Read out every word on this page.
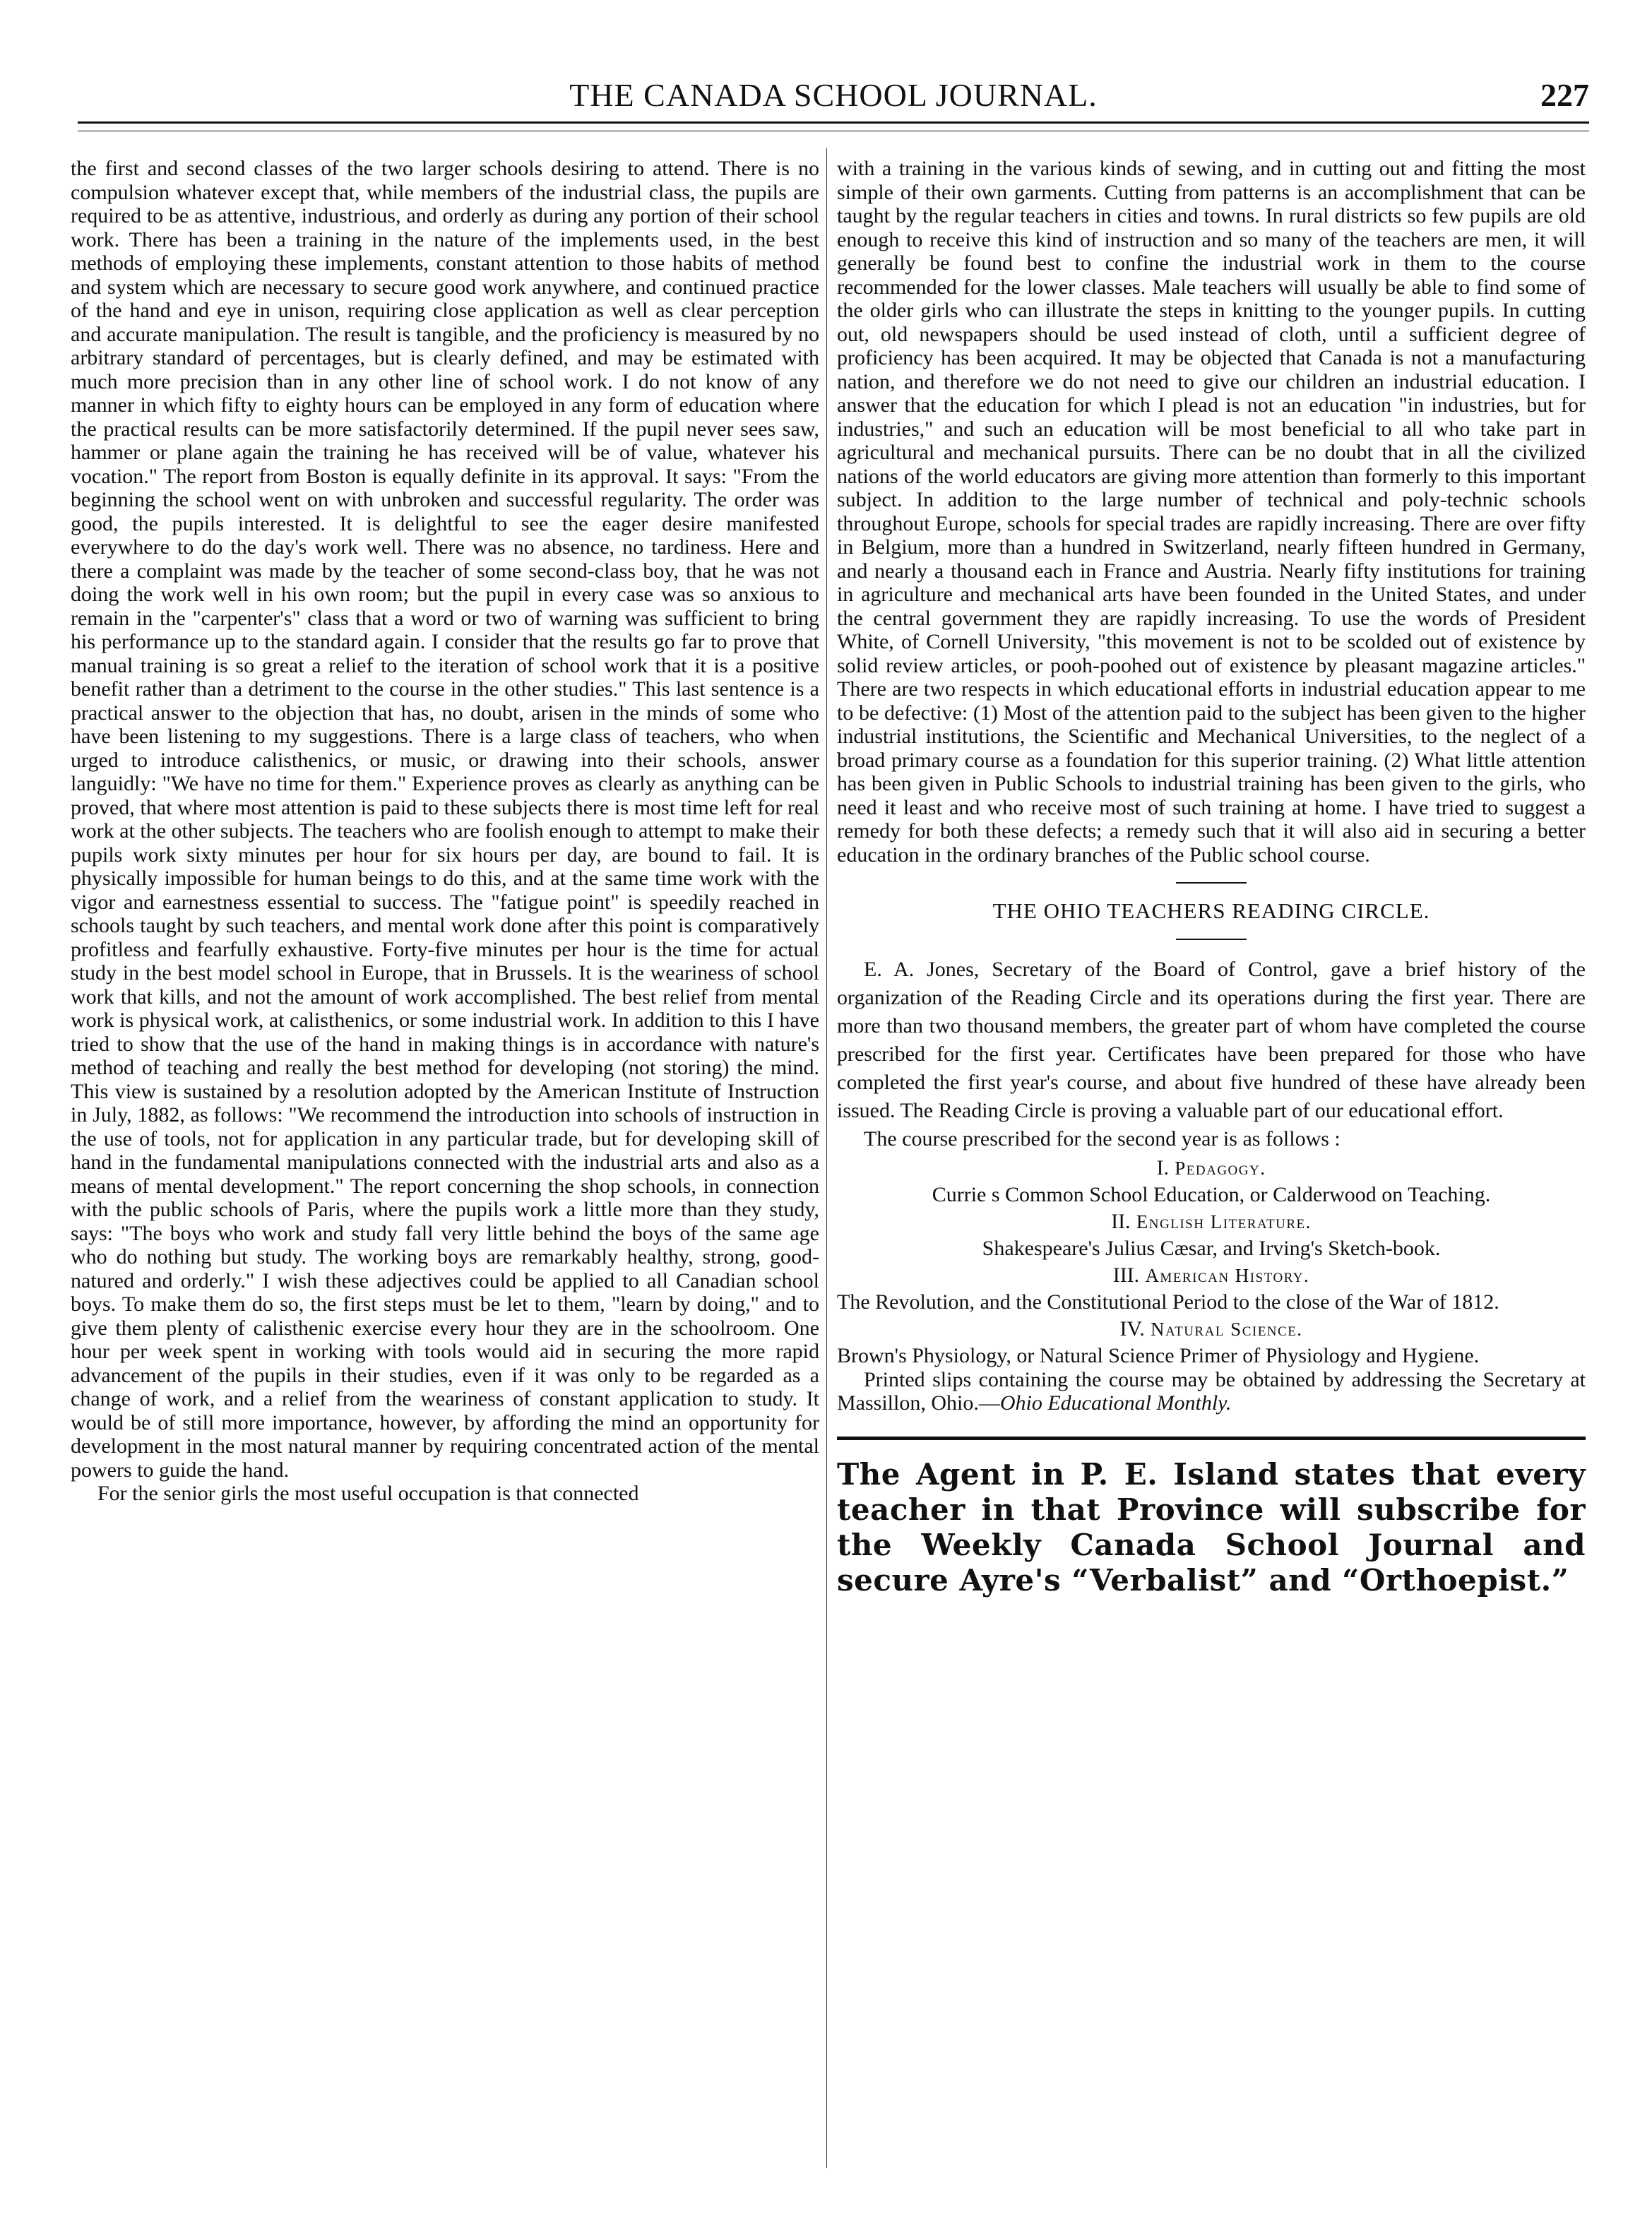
THE CANADA SCHOOL JOURNAL.	227

the first and second classes of the two larger schools desiring to attend. There is no compulsion whatever except that, while members of the industrial class, the pupils are required to be as attentive, industrious, and orderly as during any portion of their school work. There has been a training in the nature of the implements used, in the best methods of employing these implements, constant attention to those habits of method and system which are necessary to secure good work anywhere, and continued practice of the hand and eye in unison, requiring close application as well as clear perception and accurate manipulation. The result is tangible, and the proficiency is measured by no arbitrary standard of percentages, but is clearly defined, and may be estimated with much more precision than in any other line of school work. I do not know of any manner in which fifty to eighty hours can be employed in any form of education where the practical results can be more satisfactorily determined. If the pupil never sees saw, hammer or plane again the training he has received will be of value, whatever his vocation." The report from Boston is equally definite in its approval. It says: "From the beginning the school went on with unbroken and successful regularity. The order was good, the pupils interested. It is delightful to see the eager desire manifested everywhere to do the day's work well. There was no absence, no tardiness. Here and there a complaint was made by the teacher of some second-class boy, that he was not doing the work well in his own room; but the pupil in every case was so anxious to remain in the "carpenter's" class that a word or two of warning was sufficient to bring his performance up to the standard again. I consider that the results go far to prove that manual training is so great a relief to the iteration of school work that it is a positive benefit rather than a detriment to the course in the other studies." This last sentence is a practical answer to the objection that has, no doubt, arisen in the minds of some who have been listening to my suggestions. There is a large class of teachers, who when urged to introduce calisthenics, or music, or drawing into their schools, answer languidly: "We have no time for them." Experience proves as clearly as anything can be proved, that where most attention is paid to these subjects there is most time left for real work at the other subjects. The teachers who are foolish enough to attempt to make their pupils work sixty minutes per hour for six hours per day, are bound to fail. It is physically impossible for human beings to do this, and at the same time work with the vigor and earnestness essential to success. The "fatigue point" is speedily reached in schools taught by such teachers, and mental work done after this point is comparatively profitless and fearfully exhaustive. Forty-five minutes per hour is the time for actual study in the best model school in Europe, that in Brussels. It is the weariness of school work that kills, and not the amount of work accomplished. The best relief from mental work is physical work, at calisthenics, or some industrial work. In addition to this I have tried to show that the use of the hand in making things is in accordance with nature's method of teaching and really the best method for developing (not storing) the mind. This view is sustained by a resolution adopted by the American Institute of Instruction in July, 1882, as follows: "We recommend the introduction into schools of instruction in the use of tools, not for application in any particular trade, but for developing skill of hand in the fundamental manipulations connected with the industrial arts and also as a means of mental development." The report concerning the shop schools, in connection with the public schools of Paris, where the pupils work a little more than they study, says: "The boys who work and study fall very little behind the boys of the same age who do nothing but study. The working boys are remarkably healthy, strong, good-natured and orderly." I wish these adjectives could be applied to all Canadian school boys. To make them do so, the first steps must be let to them, "learn by doing," and to give them plenty of calisthenic exercise every hour they are in the schoolroom. One hour per week spent in working with tools would aid in securing the more rapid advancement of the pupils in their studies, even if it was only to be regarded as a change of work, and a relief from the weariness of constant application to study. It would be of still more importance, however, by affording the mind an opportunity for development in the most natural manner by requiring concentrated action of the mental powers to guide the hand.

For the senior girls the most useful occupation is that connected

with a training in the various kinds of sewing, and in cutting out and fitting the most simple of their own garments. Cutting from patterns is an accomplishment that can be taught by the regular teachers in cities and towns. In rural districts so few pupils are old enough to receive this kind of instruction and so many of the teachers are men, it will generally be found best to confine the industrial work in them to the course recommended for the lower classes. Male teachers will usually be able to find some of the older girls who can illustrate the steps in knitting to the younger pupils. In cutting out, old newspapers should be used instead of cloth, until a sufficient degree of proficiency has been acquired. It may be objected that Canada is not a manufacturing nation, and therefore we do not need to give our children an industrial education. I answer that the education for which I plead is not an education "in industries, but for industries," and such an education will be most beneficial to all who take part in agricultural and mechanical pursuits. There can be no doubt that in all the civilized nations of the world educators are giving more attention than formerly to this important subject. In addition to the large number of technical and poly-technic schools throughout Europe, schools for special trades are rapidly increasing. There are over fifty in Belgium, more than a hundred in Switzerland, nearly fifteen hundred in Germany, and nearly a thousand each in France and Austria. Nearly fifty institutions for training in agriculture and mechanical arts have been founded in the United States, and under the central government they are rapidly increasing. To use the words of President White, of Cornell University, "this movement is not to be scolded out of existence by solid review articles, or pooh-poohed out of existence by pleasant magazine articles." There are two respects in which educational efforts in industrial education appear to me to be defective: (1) Most of the attention paid to the subject has been given to the higher industrial institutions, the Scientific and Mechanical Universities, to the neglect of a broad primary course as a foundation for this superior training. (2) What little attention has been given in Public Schools to industrial training has been given to the girls, who need it least and who receive most of such training at home. I have tried to suggest a remedy for both these defects; a remedy such that it will also aid in securing a better education in the ordinary branches of the Public school course.

THE OHIO TEACHERS READING CIRCLE.

E. A. Jones, Secretary of the Board of Control, gave a brief history of the organization of the Reading Circle and its operations during the first year. There are more than two thousand members, the greater part of whom have completed the course prescribed for the first year. Certificates have been prepared for those who have completed the first year's course, and about five hundred of these have already been issued. The Reading Circle is proving a valuable part of our educational effort.

The course prescribed for the second year is as follows :

I. Pedagogy.

Currie s Common School Education, or Calderwood on Teaching.

II. English Literature.

Shakespeare's Julius Cæsar, and Irving's Sketch-book.

III. American History.

The Revolution, and the Constitutional Period to the close of the War of 1812.

IV. Natural Science.

Brown's Physiology, or Natural Science Primer of Physiology and Hygiene.

Printed slips containing the course may be obtained by addressing the Secretary at Massillon, Ohio.—Ohio Educational Monthly.

The Agent in P. E. Island states that every teacher in that Province will subscribe for the Weekly Canada School Journal and secure Ayre's “Verbalist” and “Orthoepist.”
